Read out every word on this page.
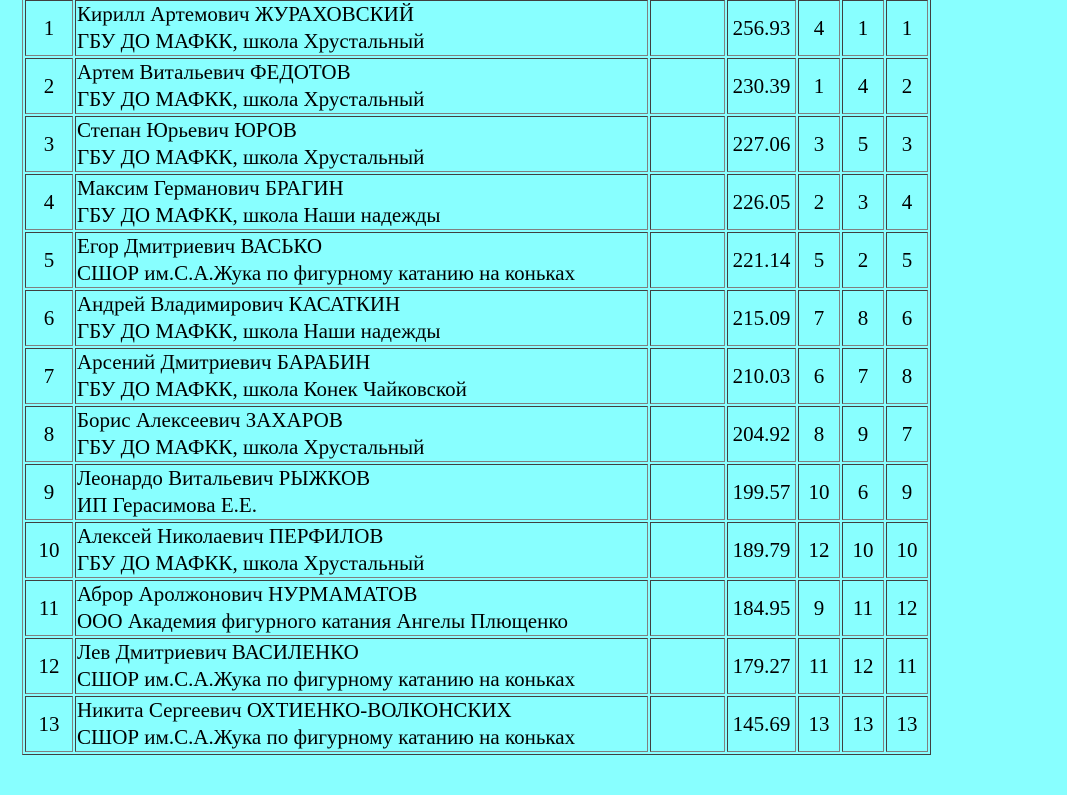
1	Кирилл Артемович ЖУРАХОВСКИЙ
ГБУ ДО МАФКК, школа Хрустальный		256.93	4	1	1
2	Артем Витальевич ФЕДОТОВ
ГБУ ДО МАФКК, школа Хрустальный		230.39	1	4	2
3	Степан Юрьевич ЮРОВ
ГБУ ДО МАФКК, школа Хрустальный		227.06	3	5	3
4	Максим Германович БРАГИН
ГБУ ДО МАФКК, школа Наши надежды		226.05	2	3	4
5	Егор Дмитриевич ВАСЬКО
СШОР им.С.А.Жука по фигурному катанию на коньках		221.14	5	2	5
6	Андрей Владимирович КАСАТКИН
ГБУ ДО МАФКК, школа Наши надежды		215.09	7	8	6
7	Арсений Дмитриевич БАРАБИН
ГБУ ДО МАФКК, школа Конек Чайковской		210.03	6	7	8
8	Борис Алексеевич ЗАХАРОВ
ГБУ ДО МАФКК, школа Хрустальный		204.92	8	9	7
9	Леонардо Витальевич РЫЖКОВ
ИП Герасимова Е.Е.		199.57	10	6	9
10	Алексей Николаевич ПЕРФИЛОВ
ГБУ ДО МАФКК, школа Хрустальный		189.79	12	10	10
11	Аброр Аролжонович НУРМАМАТОВ
ООО Академия фигурного катания Ангелы Плющенко		184.95	9	11	12
12	Лев Дмитриевич ВАСИЛЕНКО
СШОР им.С.А.Жука по фигурному катанию на коньках		179.27	11	12	11
13	Никита Сергеевич ОХТИЕНКО-ВОЛКОНСКИХ
СШОР им.С.А.Жука по фигурному катанию на коньках		145.69	13	13	13
